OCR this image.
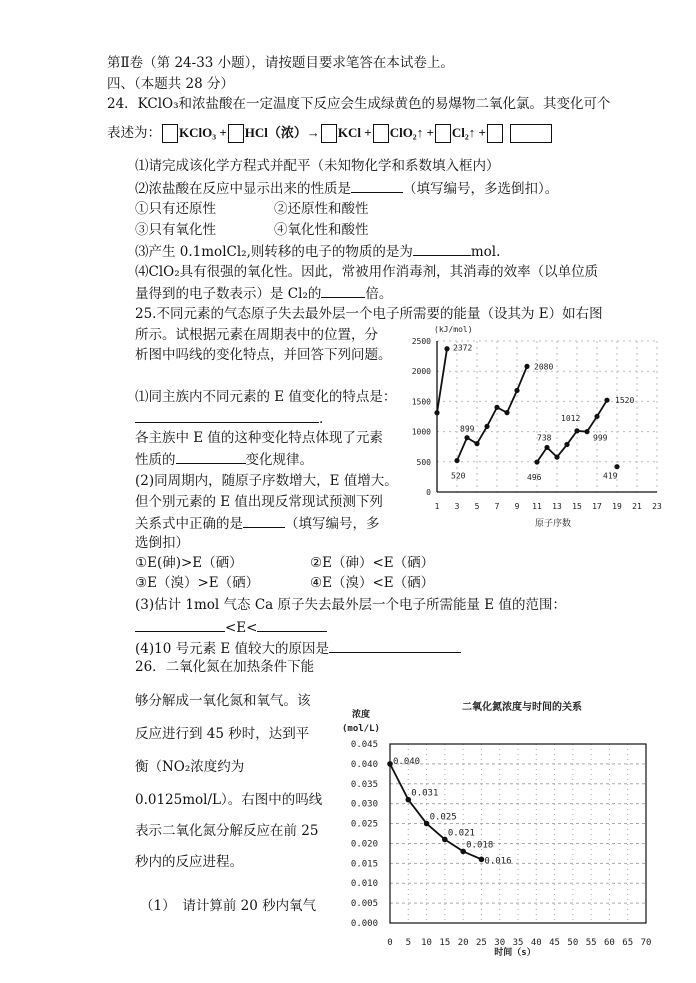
第Ⅱ卷（第 24-33 小题），请按题目要求笔答在本试卷上。
四、（本题共 28 分）
24．KClO₃和浓盐酸在一定温度下反应会生成绿黄色的易爆物二氧化氯。其变化可个
表述为： KClO₃ + HCl（浓）→ KCl + ClO₂↑ + Cl₂↑ +
⑴请完成该化学方程式并配平（未知物化学和系数填入框内）
⑵浓盐酸在反应中显示出来的性质是	（填写编号，多选倒扣）。
①只有还原性	②还原性和酸性
③只有氧化性	④氧化性和酸性
⑶产生 0.1molCl₂,则转移的电子的物质的是为	mol.
⑷ClO₂具有很强的氧化性。因此，常被用作消毒剂，其消毒的效率（以单位质
量得到的电子数表示）是 Cl₂的	倍。
25.不同元素的气态原子失去最外层一个电子所需要的能量（设其为 E）如右图
所示。试根据元素在周期表中的位置，分
析图中吗线的变化特点，并回答下列问题。
⑴同主族内不同元素的 E 值变化的特点是：
.
各主族中 E 值的这种变化特点体现了元素
性质的	变化规律。
(2)同周期内，随原子序数增大，E 值增大。
但个别元素的 E 值出现反常现试预测下列
关系式中正确的是	（填写编号，多
选倒扣）
①E(砷)>E（硒）	②E（砷）<E（硒）
③E（溴）>E（硒）	④E（溴）<E（硒）
(3)估计 1mol 气态 Ca 原子失去最外层一个电子所需能量 E 值的范围：
<E<
(4)10 号元素 E 值较大的原因是
26．二氧化氮在加热条件下能
够分解成一氧化氮和氧气。该
反应进行到 45 秒时，达到平
衡（NO₂浓度约为
0.0125mol/L）。右图中的吗线
表示二氧化氮分解反应在前 25
秒内的反应进程。
（1）　请计算前 20 秒内氧气
1 3 5 7 9 11 13 15 17 19 21 23
0
500
1000
1500
2000
2500
(kJ/mol)
原子序数
2372
2080
520
899
496
738
1012
999
1520
419
0 5 10 15 20 25 30 35 40 45 50 55 60 65 70
0.000
0.005
0.010
0.015
0.020
0.025
0.030
0.035
0.040
0.045
二氧化氮浓度与时间的关系
浓度
(mol/L)
时间（s）
0.040
0.031
0.025
0.021
0.018
0.016
